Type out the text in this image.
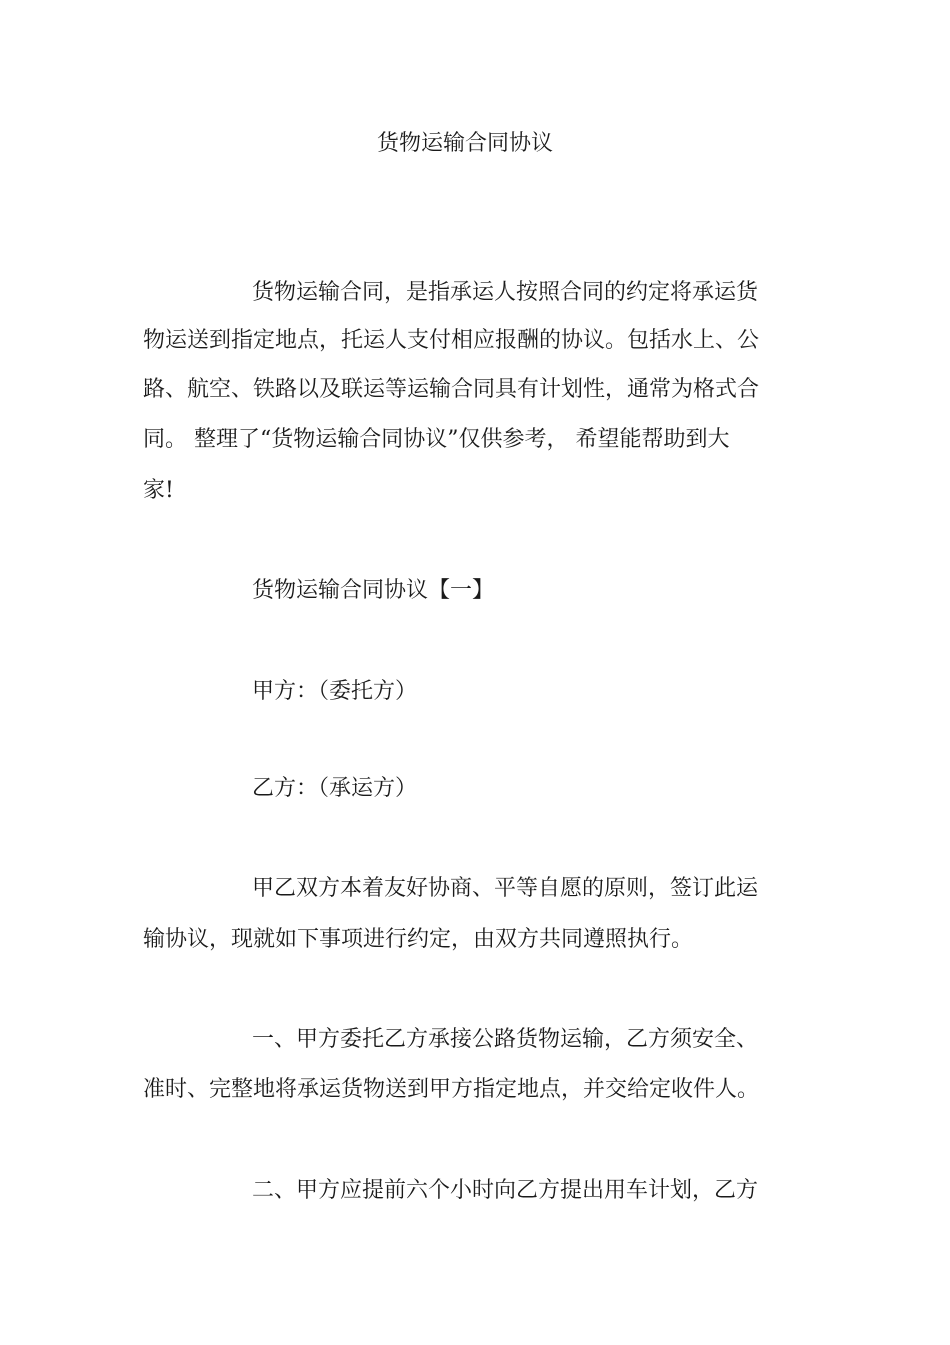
货物运输合同协议
货物运输合同，是指承运人按照合同的约定将承运货
物运送到指定地点，托运人支付相应报酬的协议。包括水上、公
路、航空、铁路以及联运等运输合同具有计划性，通常为格式合
同。 整理了“货物运输合同协议”仅供参考， 希望能帮助到大
家!
货物运输合同协议【一】
甲方：（委托方）
乙方：（承运方）
甲乙双方本着友好协商、平等自愿的原则，签订此运
输协议，现就如下事项进行约定，由双方共同遵照执行。
一、甲方委托乙方承接公路货物运输，乙方须安全、
准时、完整地将承运货物送到甲方指定地点，并交给定收件人。
二、甲方应提前六个小时向乙方提出用车计划，乙方
